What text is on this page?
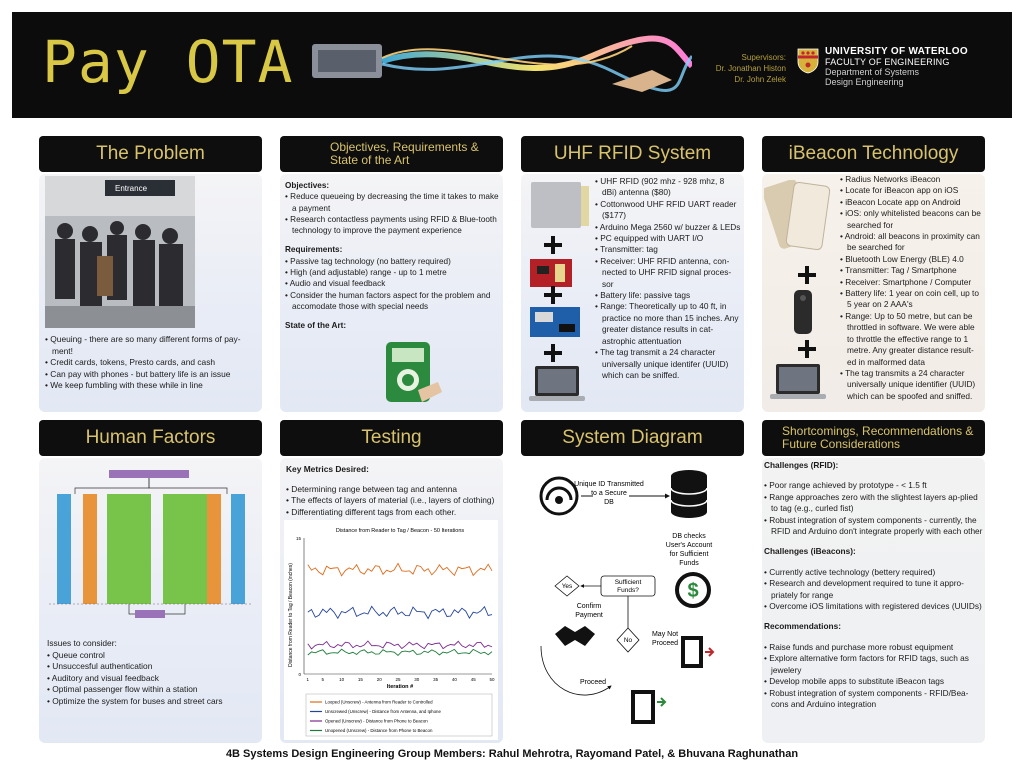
Pay OTA	Supervisors:
Dr. Jonathan Histon
Dr. John Zelek
UNIVERSITY OF WATERLOO
FACULTY OF ENGINEERING
Department of Systems
Design Engineering
The Problem	Objectives, Requirements & State of the Art	UHF RFID System	iBeacon Technology
Entrance
• Queuing - there are so many different forms of pay-ment!
• Credit cards, tokens, Presto cards, and cash
• Can pay with phones - but battery life is an issue
• We keep fumbling with these while in line
Objectives:
• Reduce queueing by decreasing the time it takes to make a payment
• Research contactless payments using RFID & Blue-tooth technology to improve the payment experience
Requirements:
• Passive tag technology (no battery required)
• High (and adjustable) range - up to 1 metre
• Audio and visual feedback
• Consider the human factors aspect for the problem and accomodate those with special needs
State of the Art:
• UHF RFID (902 mhz - 928 mhz, 8 dBi) antenna ($80)
• Cottonwood UHF RFID UART reader ($177)
• Arduino Mega 2560 w/ buzzer & LEDs
• PC equipped with UART I/O
• Transmitter: tag
• Receiver: UHF RFID antenna, con-nected to UHF RFID signal proces-sor
• Battery life: passive tags
• Range: Theoretically up to 40 ft, in practice no more than 15 inches. Any greater distance results in cat-astrophic attentuation
• The tag transmit a 24 character universally unique identifer (UUID) which can be sniffed.
• Radius Networks iBeacon
• Locate for iBeacon app on iOS
• iBeacon Locate app on Android
• iOS: only whitelisted beacons can be searched for
• Android: all beacons in proximity can be searched for
• Bluetooth Low Energy (BLE) 4.0
• Transmitter: Tag / Smartphone
• Receiver: Smartphone / Computer
• Battery life: 1 year on coin cell, up to 5 year on 2 AAA's
• Range: Up to 50 metre, but can be throttled in software. We were able to throttle the effective range to 1 metre. Any greater distance result-ed in malformed data
• The tag transmits a 24 character universally unique identifier (UUID) which can be spoofed and sniffed.
Human Factors	Testing	System Diagram	Shortcomings, Recommendations & Future Considerations
Issues to consider:
• Queue control
• Unsuccesful authentication
• Auditory and visual feedback
• Optimal passenger flow within a station
• Optimize the system for buses and street cars
Key Metrics Desired:
• Determining range between tag and antenna
• The effects of layers of material (i.e., layers of clothing)
• Differentiating different tags from each other.
Distance from Reader to Tag / Beacon - 50 Iterations
Distance from Reader to Tag / Beacon (inches)
Iteration #
1	5	10	15	20	25	30	35	40	45	50
0
15
Looped (Unscrew) - Antenna from Reader to Controlled
Unscrewed (Unscrew) - Distance from Antenna, and Iphone
Opened (Unscrew) - Distance from Phone to Beacon
Unopened (Unscrew) - Distance from Phone to Beacon
Unique ID Transmitted to a Secure DB
DB checks User's Account for Sufficient Funds
$
Sufficient Funds?
Yes
No
Confirm Payment
May Not Proceed
Proceed
Challenges (RFID):
• Poor range achieved by prototype - < 1.5 ft
• Range approaches zero with the slightest layers ap-plied to tag (e.g., curled fist)
• Robust integration of system components - currently, the RFID and Arduino don't integrate properly with each other
Challenges (iBeacons):
• Currently active technology (bettery required)
• Research and development required to tune it appro-priately for range
• Overcome iOS limitations with registered devices (UUIDs)
Recommendations:
• Raise funds and purchase more robust equipment
• Explore alternative form factors for RFID tags, such as jewelery
• Develop mobile apps to substitute iBeacon tags
• Robust integration of system components - RFID/Bea-cons and Arduino integration
4B Systems Design Engineering Group Members: Rahul Mehrotra, Rayomand Patel, & Bhuvana Raghunathan
